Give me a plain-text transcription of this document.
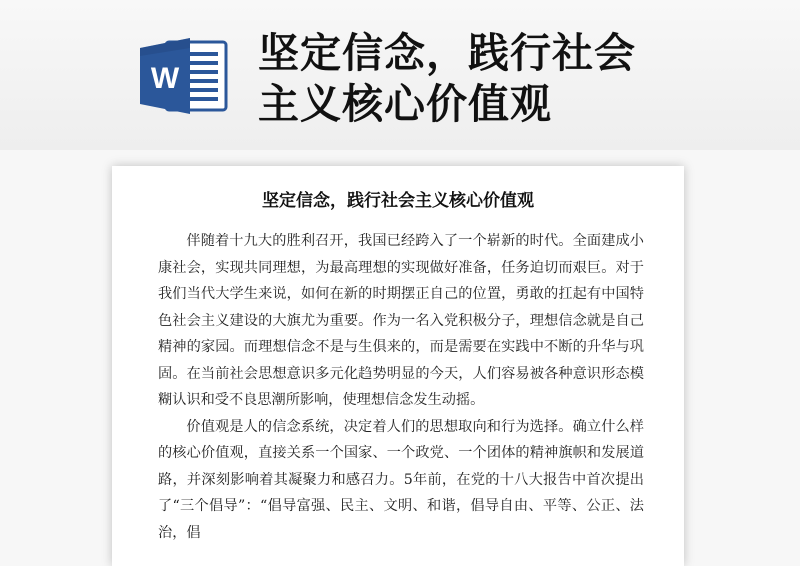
W
坚定信念，践行社会
主义核心价值观
坚定信念，践行社会主义核心价值观

伴随着十九大的胜利召开，我国已经跨入了一个崭新的时代。全面建成小康社会，实现共同理想，为最高理想的实现做好准备，任务迫切而艰巨。对于我们当代大学生来说，如何在新的时期摆正自己的位置，勇敢的扛起有中国特色社会主义建设的大旗尤为重要。作为一名入党积极分子，理想信念就是自己精神的家园。而理想信念不是与生俱来的，而是需要在实践中不断的升华与巩固。在当前社会思想意识多元化趋势明显的今天，人们容易被各种意识形态模糊认识和受不良思潮所影响，使理想信念发生动摇。

价值观是人的信念系统，决定着人们的思想取向和行为选择。确立什么样的核心价值观，直接关系一个国家、一个政党、一个团体的精神旗帜和发展道路，并深刻影响着其凝聚力和感召力。5年前，在党的十八大报告中首次提出了“三个倡导”：“倡导富强、民主、文明、和谐，倡导自由、平等、公正、法治，倡
